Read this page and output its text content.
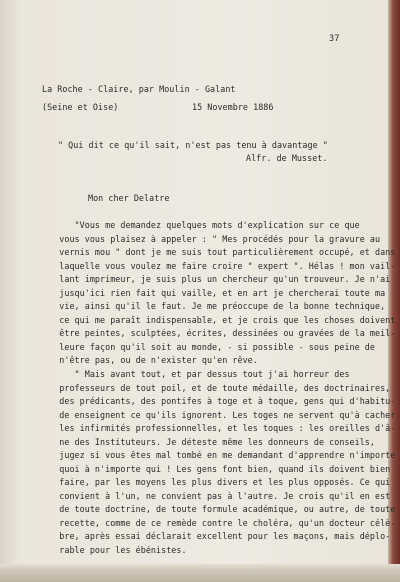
37
La Roche - Claire, par Moulin - Galant
(Seine et Oise)	15 Novembre 1886
" Qui dit ce qu'il sait, n'est pas tenu à davantage "
Alfr. de Musset.
Mon cher Delatre
"Vous me demandez quelques mots d'explication sur ce que
vous vous plaisez à appeler : " Mes procédés pour la gravure au
vernis mou " dont je me suis tout particulièrement occupé, et dans
laquelle vous voulez me faire croire " expert ". Hélas ! mon vail-
lant imprimeur, je suis plus un chercheur qu'un trouveur. Je n'ai
jusqu'ici rien fait qui vaille, et en art je chercherai toute ma
vie, ainsi qu'il le faut. Je me préoccupe de la bonne technique,
ce qui me paraît indispensable, et je crois que les choses doivent
être peintes, sculptées, écrites, dessinées ou gravées de la meil-
leure façon qu'il soit au monde, - si possible - sous peine de
n'être pas, ou de n'exister qu'en rêve.
" Mais avant tout, et par dessus tout j'ai horreur des
professeurs de tout poil, et de toute médaille, des doctrinaires,
des prédicants, des pontifes à toge et à toque, gens qui d'habitu-
de enseignent ce qu'ils ignorent. Les toges ne servent qu'à cacher
les infirmités professionnelles, et les toques : les oreilles d'â-
ne des Instituteurs. Je déteste même les donneurs de conseils,
jugez si vous êtes mal tombé en me demandant d'apprendre n'importe
quoi à n'importe qui ! Les gens font bien, quand ils doivent bien
faire, par les moyens les plus divers et les plus opposés. Ce qui
convient à l'un, ne convient pas à l'autre. Je crois qu'il en est
de toute doctrine, de toute formule académique, ou autre, de toute
recette, comme de ce remède contre le choléra, qu'un docteur célè-
bre, après essai déclarait excellent pour les maçons, mais déplo-
rable pour les ébénistes.
